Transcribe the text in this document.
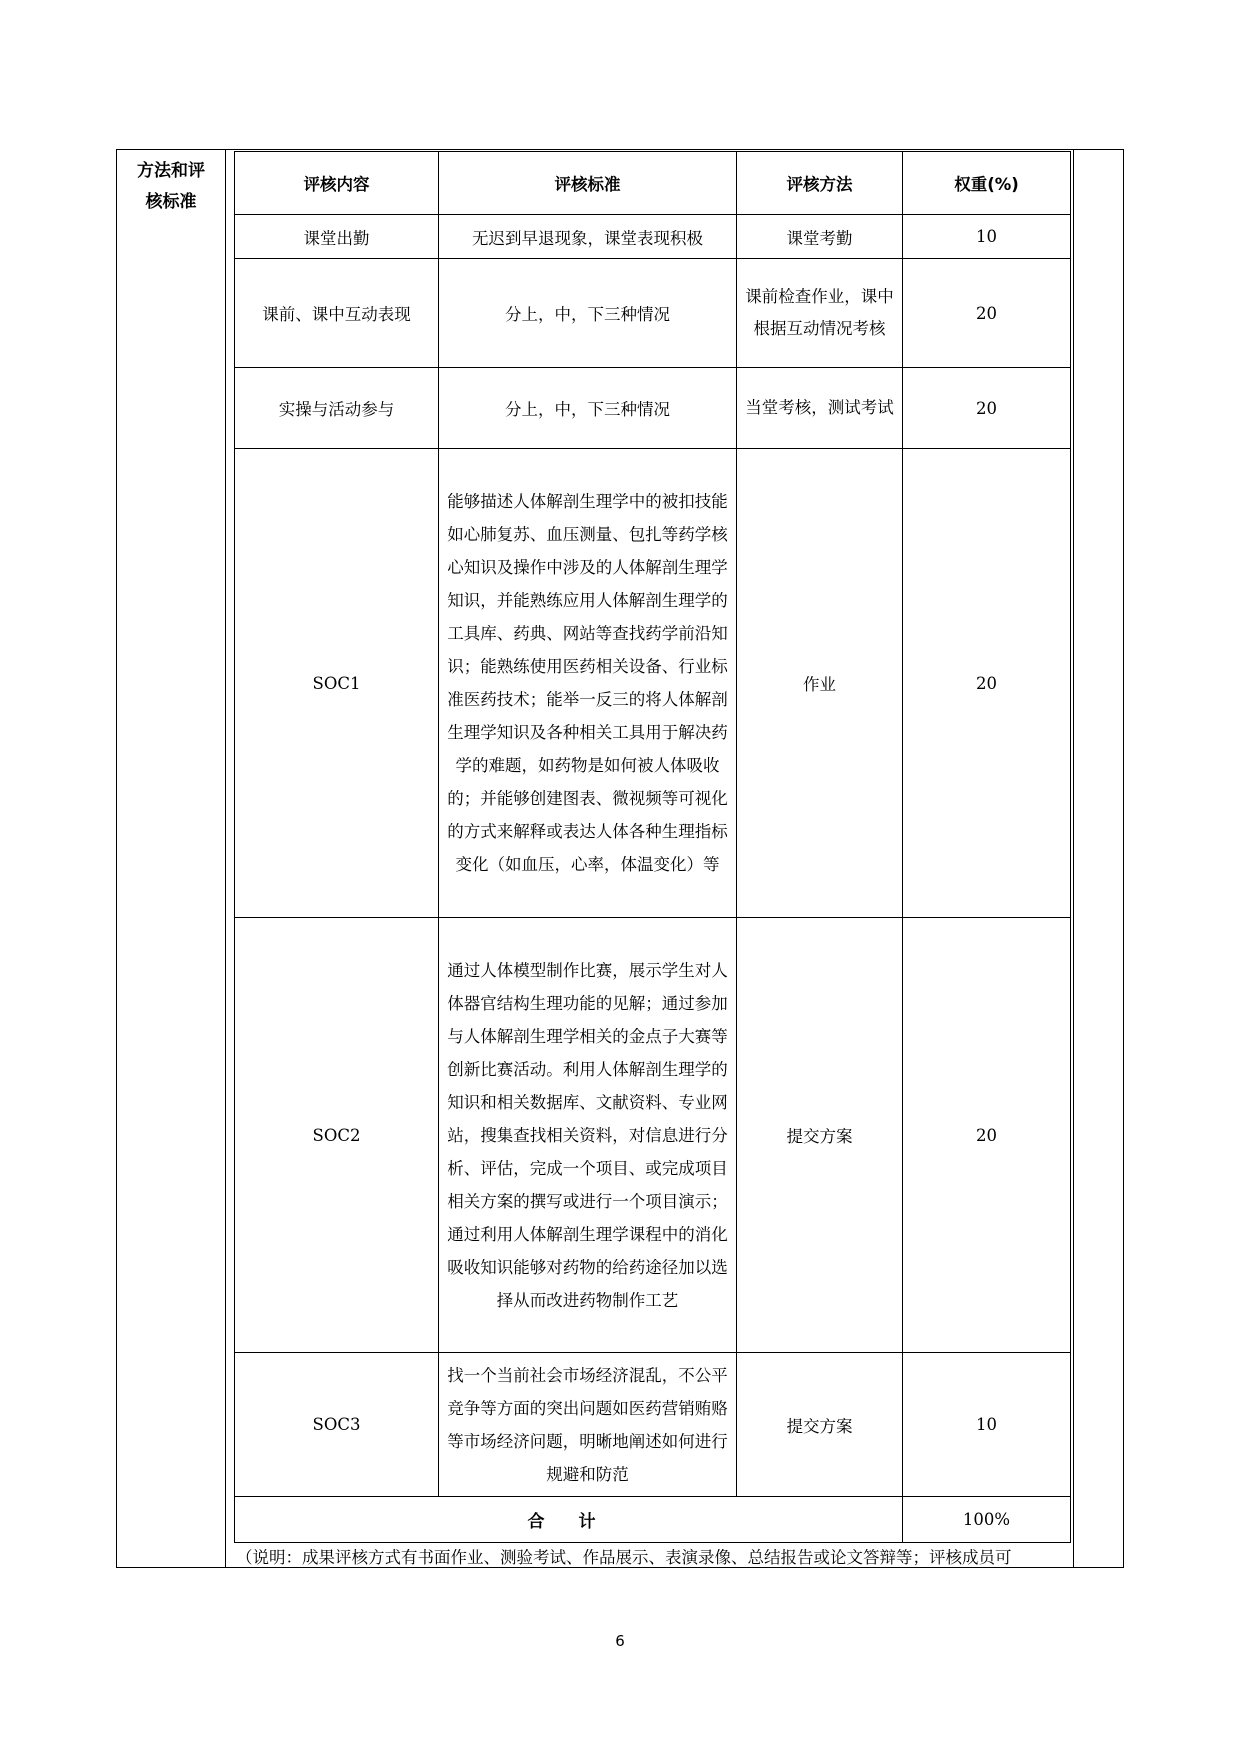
方法和评
核标准
评核内容	评核标准	评核方法	权重(%)
课堂出勤	无迟到早退现象，课堂表现积极	课堂考勤	10
课前、课中互动表现	分上，中，下三种情况	课前检查作业，课中根据互动情况考核	20
实操与活动参与	分上，中，下三种情况	当堂考核，测试考试	20
SOC1	能够描述人体解剖生理学中的被扣技能如心肺复苏、血压测量、包扎等药学核心知识及操作中涉及的人体解剖生理学知识，并能熟练应用人体解剖生理学的工具库、药典、网站等查找药学前沿知识；能熟练使用医药相关设备、行业标准医药技术；能举一反三的将人体解剖生理学知识及各种相关工具用于解决药学的难题，如药物是如何被人体吸收的；并能够创建图表、微视频等可视化的方式来解释或表达人体各种生理指标变化（如血压，心率，体温变化）等	作业	20
SOC2	通过人体模型制作比赛，展示学生对人体器官结构生理功能的见解；通过参加与人体解剖生理学相关的金点子大赛等创新比赛活动。利用人体解剖生理学的知识和相关数据库、文献资料、专业网站，搜集查找相关资料，对信息进行分析、评估，完成一个项目、或完成项目相关方案的撰写或进行一个项目演示；通过利用人体解剖生理学课程中的消化吸收知识能够对药物的给药途径加以选择从而改进药物制作工艺	提交方案	20
SOC3	找一个当前社会市场经济混乱，不公平竞争等方面的突出问题如医药营销贿赂等市场经济问题，明晰地阐述如何进行规避和防范	提交方案	10
合 计			100%
（说明：成果评核方式有书面作业、测验考试、作品展示、表演录像、总结报告或论文答辩等；评核成员可
6
